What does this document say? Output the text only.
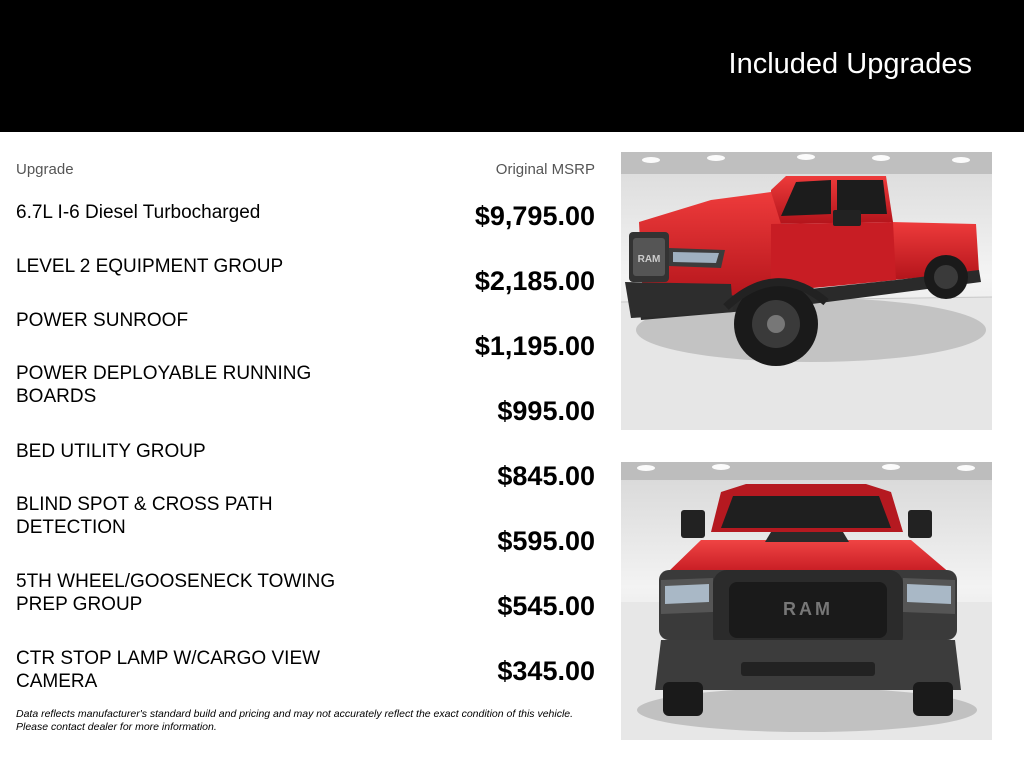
Included Upgrades
Upgrade	Original MSRP
6.7L I-6 Diesel Turbocharged
LEVEL 2 EQUIPMENT GROUP
POWER SUNROOF
POWER DEPLOYABLE RUNNING BOARDS
BED UTILITY GROUP
BLIND SPOT & CROSS PATH DETECTION
5TH WHEEL/GOOSENECK TOWING PREP GROUP
CTR STOP LAMP W/CARGO VIEW CAMERA
$9,795.00
$2,185.00
$1,195.00
$995.00
$845.00
$595.00
$545.00
$345.00
Data reflects manufacturer's standard build and pricing and may not accurately reflect the exact condition of this vehicle. Please contact dealer for more information.
RAM
RAM
